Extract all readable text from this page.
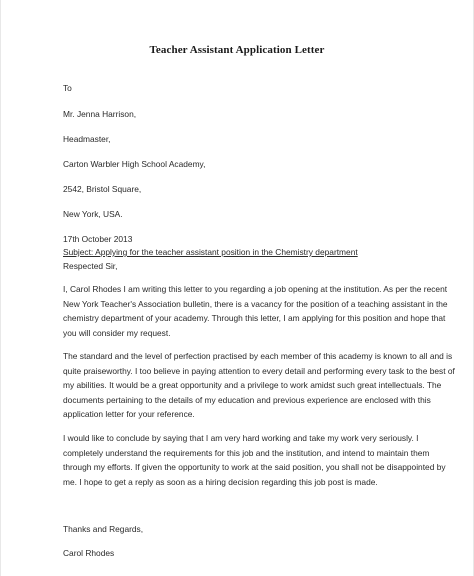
Teacher Assistant Application Letter
To
Mr. Jenna Harrison,
Headmaster,
Carton Warbler High School Academy,
2542, Bristol Square,
New York, USA.
17th October 2013
Subject: Applying for the teacher assistant position in the Chemistry department
Respected Sir,
I, Carol Rhodes I am writing this letter to you regarding a job opening at the institution. As per the recent
New York Teacher's Association bulletin, there is a vacancy for the position of a teaching assistant in the
chemistry department of your academy. Through this letter, I am applying for this position and hope that
you will consider my request.
The standard and the level of perfection practised by each member of this academy is known to all and is
quite praiseworthy. I too believe in paying attention to every detail and performing every task to the best of
my abilities. It would be a great opportunity and a privilege to work amidst such great intellectuals. The
documents pertaining to the details of my education and previous experience are enclosed with this
application letter for your reference.
I would like to conclude by saying that I am very hard working and take my work very seriously. I
completely understand the requirements for this job and the institution, and intend to maintain them
through my efforts. If given the opportunity to work at the said position, you shall not be disappointed by
me. I hope to get a reply as soon as a hiring decision regarding this job post is made.
Thanks and Regards,
Carol Rhodes
